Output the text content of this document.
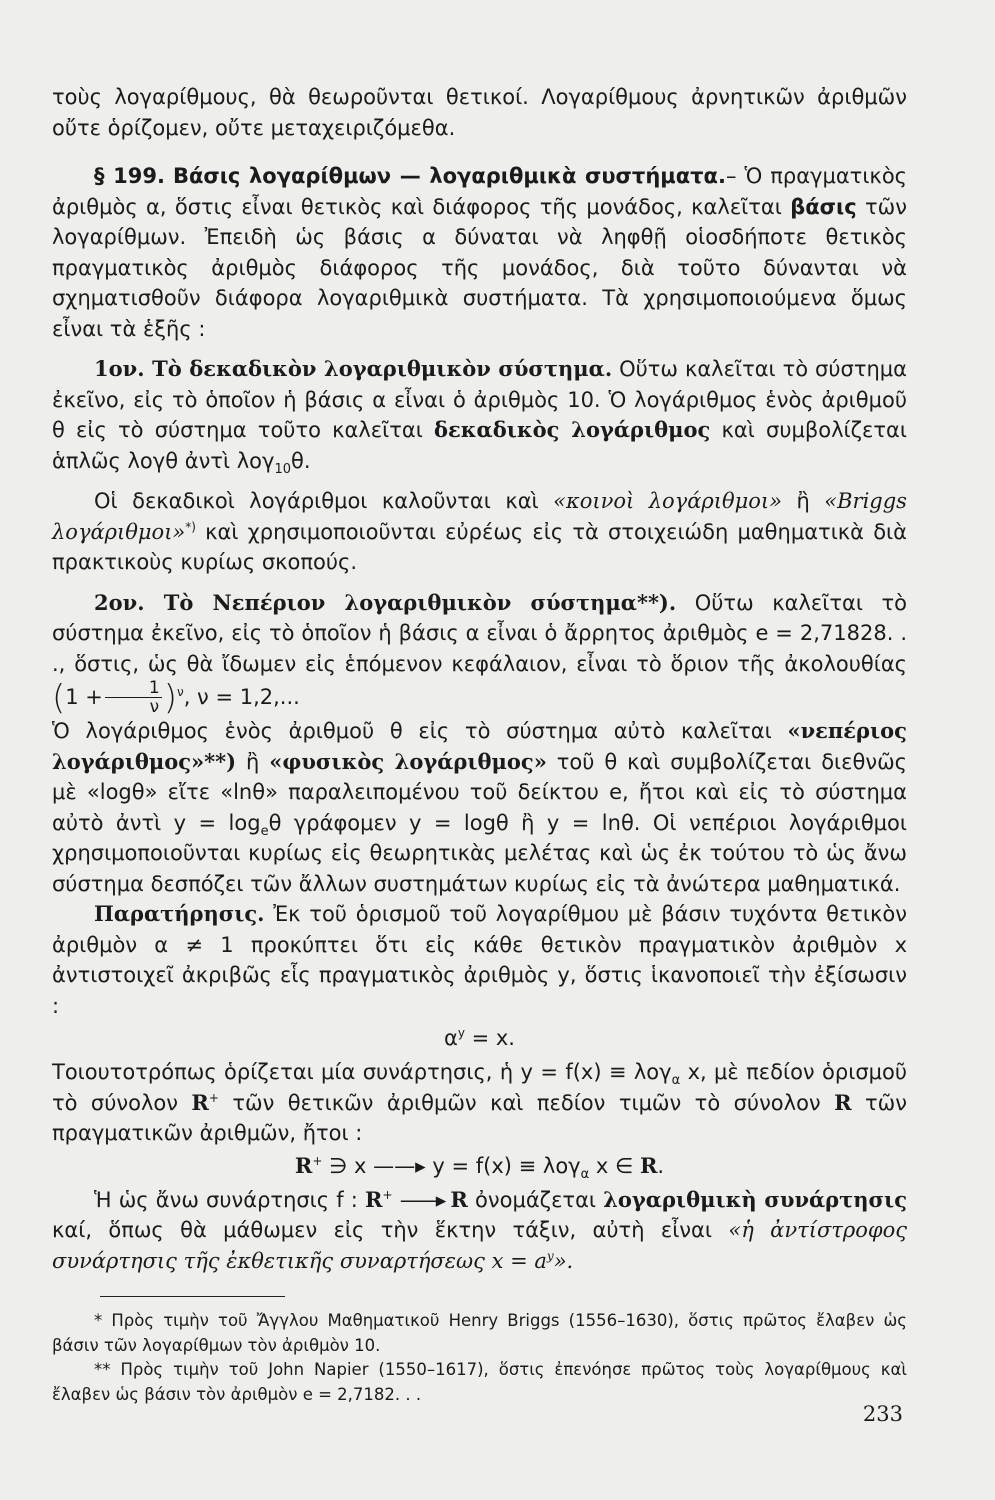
τοὺς λογαρίθμους, θὰ θεωροῦνται θετικοί. Λογαρίθμους ἀρνητικῶν ἀριθμῶν οὔτε ὁρίζομεν, οὔτε μεταχειριζόμεθα.

§ 199. Βάσις λογαρίθμων — λογαριθμικὰ συστήματα.– Ὁ πραγματικὸς ἀριθμὸς α, ὅστις εἶναι θετικὸς καὶ διάφορος τῆς μονάδος, καλεῖται βάσις τῶν λογαρίθμων. Ἐπειδὴ ὡς βάσις α δύναται νὰ ληφθῇ οἱοσδήποτε θετικὸς πραγματικὸς ἀριθμὸς διάφορος τῆς μονάδος, διὰ τοῦτο δύνανται νὰ σχηματισθοῦν διάφορα λογαριθμικὰ συστήματα. Τὰ χρησιμοποιούμενα ὅμως εἶναι τὰ ἑξῆς :

1ον. Τὸ δεκαδικὸν λογαριθμικὸν σύστημα. Οὕτω καλεῖται τὸ σύστημα ἐκεῖνο, εἰς τὸ ὁποῖον ἡ βάσις α εἶναι ὁ ἀριθμὸς 10. Ὁ λογάριθμος ἑνὸς ἀριθμοῦ θ εἰς τὸ σύστημα τοῦτο καλεῖται δεκαδικὸς λογάριθμος καὶ συμβολίζεται ἁπλῶς λογθ ἀντὶ λογ$_{10}$θ.

Οἱ δεκαδικοὶ λογάριθμοι καλοῦνται καὶ «κοινοὶ λογάριθμοι» ἢ «Briggs λογάριθμοι»*) καὶ χρησιμοποιοῦνται εὐρέως εἰς τὰ στοιχειώδη μαθηματικὰ διὰ πρακτικοὺς κυρίως σκοπούς.

2ον. Τὸ Νεπέριον λογαριθμικὸν σύστημα**). Οὕτω καλεῖται τὸ σύστημα ἐκεῖνο, εἰς τὸ ὁποῖον ἡ βάσις α εἶναι ὁ ἄρρητος ἀριθμὸς e = 2,71828. . ., ὅστις, ὡς θὰ ἴδωμεν εἰς ἑπόμενον κεφάλαιον, εἶναι τὸ ὅριον τῆς ἀκολουθίας $(1 + \frac{1}{\nu} )^\nu$, ν = 1,2,...

Ὁ λογάριθμος ἑνὸς ἀριθμοῦ θ εἰς τὸ σύστημα αὐτὸ καλεῖται «νεπέριος λογάριθμος»**) ἢ «φυσικὸς λογάριθμος» τοῦ θ καὶ συμβολίζεται διεθνῶς μὲ «logθ» εἴτε «lnθ» παραλειπομένου τοῦ δείκτου e, ἤτοι καὶ εἰς τὸ σύστημα αὐτὸ ἀντὶ $y = \log_e\theta$ γράφομεν y = logθ ἢ y = lnθ. Οἱ νεπέριοι λογάριθμοι χρησιμοποιοῦνται κυρίως εἰς θεωρητικὰς μελέτας καὶ ὡς ἐκ τούτου τὸ ὡς ἄνω σύστημα δεσπόζει τῶν ἄλλων συστημάτων κυρίως εἰς τὰ ἀνώτερα μαθηματικά.

Παρατήρησις. Ἐκ τοῦ ὁρισμοῦ τοῦ λογαρίθμου μὲ βάσιν τυχόντα θετικὸν ἀριθμὸν α ≠ 1 προκύπτει ὅτι εἰς κάθε θετικὸν πραγματικὸν ἀριθμὸν x ἀντιστοιχεῖ ἀκριβῶς εἷς πραγματικὸς ἀριθμὸς y, ὅστις ἱκανοποιεῖ τὴν ἐξίσωσιν :

$\alpha^y = x$.

Τοιουτοτρόπως ὁρίζεται μία συνάρτησις, ἡ y = f(x) ≡ λογ$_\alpha$ x, μὲ πεδίον ὁρισμοῦ τὸ σύνολον R+ τῶν θετικῶν ἀριθμῶν καὶ πεδίον τιμῶν τὸ σύνολον R τῶν πραγματικῶν ἀριθμῶν, ἤτοι :

R+ ∋ x ——▸ y = f(x) ≡ λογ$_\alpha$ x ∈ R.

Ἡ ὡς ἄνω συνάρτησις f : R+ ——▸ R ὀνομάζεται λογαριθμικὴ συνάρτησις καί, ὅπως θὰ μάθωμεν εἰς τὴν ἕκτην τάξιν, αὐτὴ εἶναι «ἡ ἀντίστροφος συνάρτησις τῆς ἐκθετικῆς συναρτήσεως $x = a^y$».

* Πρὸς τιμὴν τοῦ Ἄγγλου Μαθηματικοῦ Henry Briggs (1556–1630), ὅστις πρῶτος ἔλαβεν ὡς βάσιν τῶν λογαρίθμων τὸν ἀριθμὸν 10.

** Πρὸς τιμὴν τοῦ John Napier (1550–1617), ὅστις ἐπενόησε πρῶτος τοὺς λογαρίθμους καὶ ἔλαβεν ὡς βάσιν τὸν ἀριθμὸν e = 2,7182. . .

233
